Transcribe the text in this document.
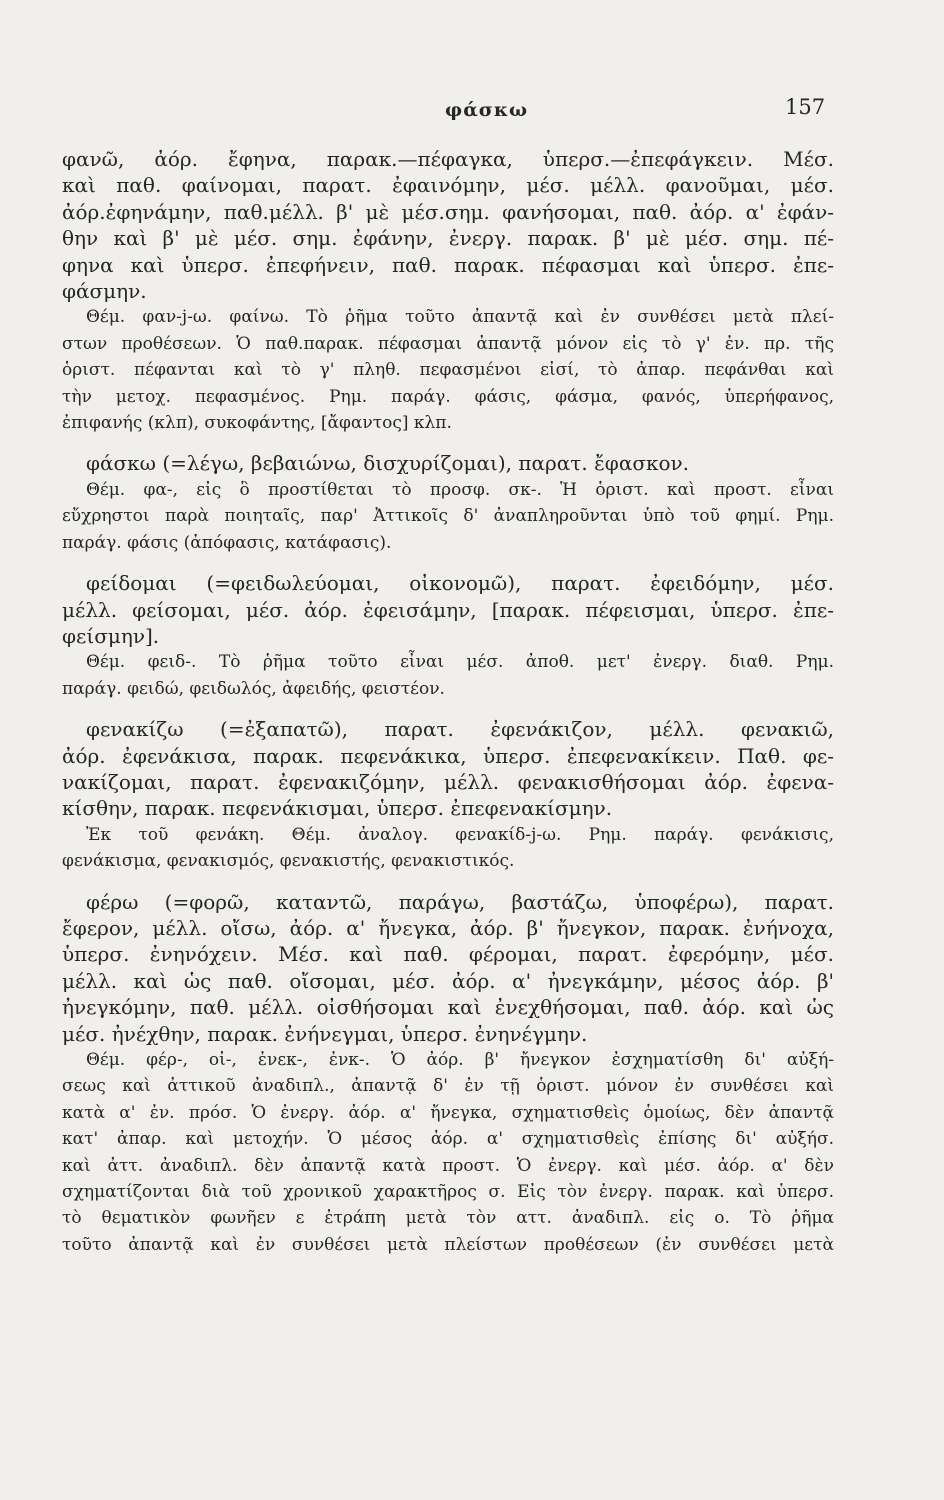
φάσκω	157
φανῶ, ἀόρ. ἔφηνα, παρακ.—πέφαγκα, ὑπερσ.—ἐπεφάγκειν. Μέσ.
καὶ παθ. φαίνομαι, παρατ. ἐφαινόμην, μέσ. μέλλ. φανοῦμαι, μέσ.
ἀόρ.ἐφηνάμην, παθ.μέλλ. β' μὲ μέσ.σημ. φανήσομαι, παθ. ἀόρ. α' ἐφάν-
θην καὶ β' μὲ μέσ. σημ. ἐφάνην, ἐνεργ. παρακ. β' μὲ μέσ. σημ. πέ-
φηνα καὶ ὑπερσ. ἐπεφήνειν, παθ. παρακ. πέφασμαι καὶ ὑπερσ. ἐπε-
φάσμην.
Θέμ. φαν-j-ω. φαίνω. Τὸ ῥῆμα τοῦτο ἀπαντᾷ καὶ ἐν συνθέσει μετὰ πλεί-
στων προθέσεων. Ὁ παθ.παρακ. πέφασμαι ἀπαντᾷ μόνον εἰς τὸ γ' ἐν. πρ. τῆς
ὁριστ. πέφανται καὶ τὸ γ' πληθ. πεφασμένοι εἰσί, τὸ ἀπαρ. πεφάνθαι καὶ
τὴν μετοχ. πεφασμένος. Ρημ. παράγ. φάσις, φάσμα, φανός, ὑπερήφανος,
ἐπιφανής (κλπ), συκοφάντης, [ἄφαντος] κλπ.
φάσκω (=λέγω, βεβαιώνω, δισχυρίζομαι), παρατ. ἔφασκον.
Θέμ. φα-, εἰς ὃ προστίθεται τὸ προσφ. σκ-. Ἡ ὁριστ. καὶ προστ. εἶναι
εὔχρηστοι παρὰ ποιηταῖς, παρ' Ἀττικοῖς δ' ἀναπληροῦνται ὑπὸ τοῦ φημί. Ρημ.
παράγ. φάσις (ἀπόφασις, κατάφασις).
φείδομαι (=φειδωλεύομαι, οἰκονομῶ), παρατ. ἐφειδόμην, μέσ.
μέλλ. φείσομαι, μέσ. ἀόρ. ἐφεισάμην, [παρακ. πέφεισμαι, ὑπερσ. ἐπε-
φείσμην].
Θέμ. φειδ-. Τὸ ῥῆμα τοῦτο εἶναι μέσ. ἀποθ. μετ' ἐνεργ. διαθ. Ρημ.
παράγ. φειδώ, φειδωλός, ἀφειδής, φειστέον.
φενακίζω (=ἐξαπατῶ), παρατ. ἐφενάκιζον, μέλλ. φενακιῶ,
ἀόρ. ἐφενάκισα, παρακ. πεφενάκικα, ὑπερσ. ἐπεφενακίκειν. Παθ. φε-
νακίζομαι, παρατ. ἐφενακιζόμην, μέλλ. φενακισθήσομαι ἀόρ. ἐφενα-
κίσθην, παρακ. πεφενάκισμαι, ὑπερσ. ἐπεφενακίσμην.
Ἐκ τοῦ φενάκη. Θέμ. ἀναλογ. φενακίδ-j-ω. Ρημ. παράγ. φενάκισις,
φενάκισμα, φενακισμός, φενακιστής, φενακιστικός.
φέρω (=φορῶ, καταντῶ, παράγω, βαστάζω, ὑποφέρω), παρατ.
ἔφερον, μέλλ. οἴσω, ἀόρ. α' ἤνεγκα, ἀόρ. β' ἤνεγκον, παρακ. ἐνήνοχα,
ὑπερσ. ἐνηνόχειν. Μέσ. καὶ παθ. φέρομαι, παρατ. ἐφερόμην, μέσ.
μέλλ. καὶ ὡς παθ. οἴσομαι, μέσ. ἀόρ. α' ἠνεγκάμην, μέσος ἀόρ. β'
ἠνεγκόμην, παθ. μέλλ. οἰσθήσομαι καὶ ἐνεχθήσομαι, παθ. ἀόρ. καὶ ὡς
μέσ. ἠνέχθην, παρακ. ἐνήνεγμαι, ὑπερσ. ἐνηνέγμην.
Θέμ. φέρ-, οἰ-, ἐνεκ-, ἐνκ-. Ὁ ἀόρ. β' ἤνεγκον ἐσχηματίσθη δι' αὐξή-
σεως καὶ ἀττικοῦ ἀναδιπλ., ἀπαντᾷ δ' ἐν τῇ ὁριστ. μόνον ἐν συνθέσει καὶ
κατὰ α' ἐν. πρόσ. Ὁ ἐνεργ. ἀόρ. α' ἤνεγκα, σχηματισθεὶς ὁμοίως, δὲν ἀπαντᾷ
κατ' ἀπαρ. καὶ μετοχήν. Ὁ μέσος ἀόρ. α' σχηματισθεὶς ἐπίσης δι' αὐξήσ.
καὶ ἀττ. ἀναδιπλ. δὲν ἀπαντᾷ κατὰ προστ. Ὁ ἐνεργ. καὶ μέσ. ἀόρ. α' δὲν
σχηματίζονται διὰ τοῦ χρονικοῦ χαρακτῆρος σ. Εἰς τὸν ἐνεργ. παρακ. καὶ ὑπερσ.
τὸ θεματικὸν φωνῆεν ε ἐτράπη μετὰ τὸν αττ. ἀναδιπλ. εἰς ο. Τὸ ῥῆμα
τοῦτο ἀπαντᾷ καὶ ἐν συνθέσει μετὰ πλείστων προθέσεων (ἐν συνθέσει μετὰ
